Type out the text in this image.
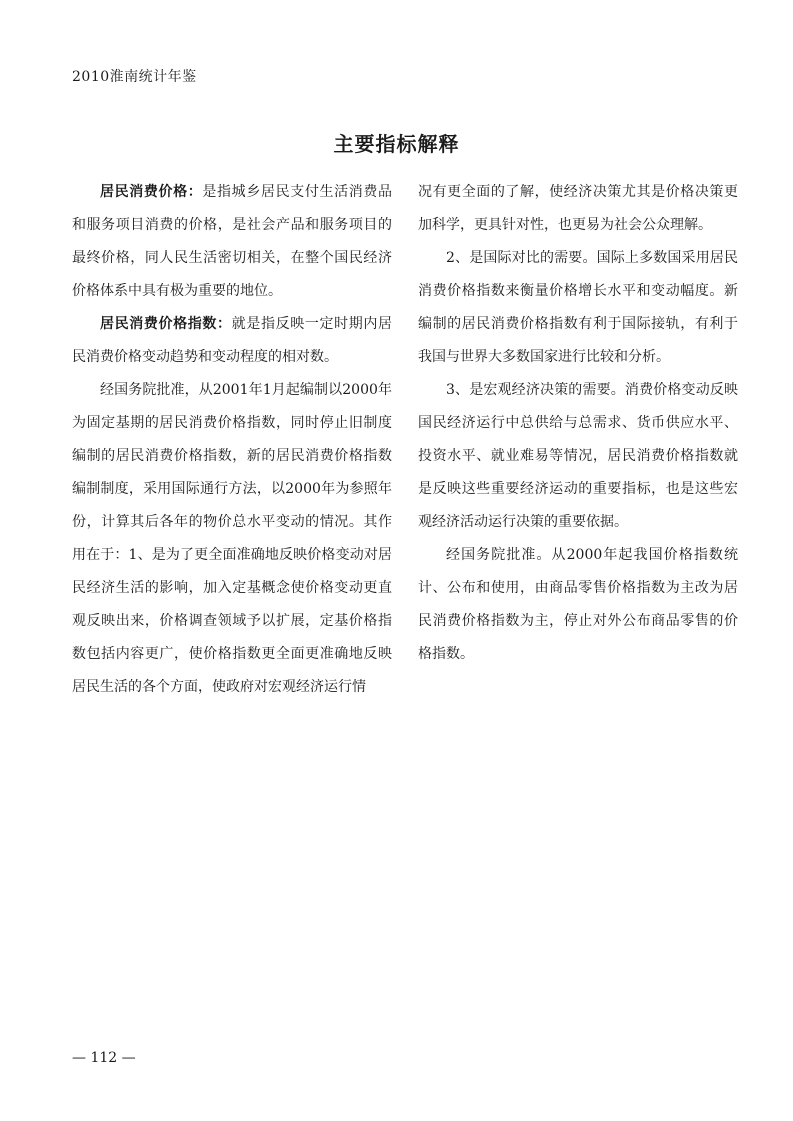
2010淮南统计年鉴
主要指标解释

居民消费价格：是指城乡居民支付生活消费品和服务项目消费的价格，是社会产品和服务项目的最终价格，同人民生活密切相关，在整个国民经济价格体系中具有极为重要的地位。

居民消费价格指数：就是指反映一定时期内居民消费价格变动趋势和变动程度的相对数。

经国务院批准，从2001年1月起编制以2000年为固定基期的居民消费价格指数，同时停止旧制度编制的居民消费价格指数，新的居民消费价格指数编制制度，采用国际通行方法，以2000年为参照年份，计算其后各年的物价总水平变动的情况。其作用在于：1、是为了更全面准确地反映价格变动对居民经济生活的影响，加入定基概念使价格变动更直观反映出来，价格调查领域予以扩展，定基价格指数包括内容更广，使价格指数更全面更准确地反映居民生活的各个方面，使政府对宏观经济运行情

况有更全面的了解，使经济决策尤其是价格决策更加科学，更具针对性，也更易为社会公众理解。

2、是国际对比的需要。国际上多数国采用居民消费价格指数来衡量价格增长水平和变动幅度。新编制的居民消费价格指数有利于国际接轨，有利于我国与世界大多数国家进行比较和分析。

3、是宏观经济决策的需要。消费价格变动反映国民经济运行中总供给与总需求、货币供应水平、投资水平、就业难易等情况，居民消费价格指数就是反映这些重要经济运动的重要指标，也是这些宏观经济活动运行决策的重要依据。

经国务院批准。从2000年起我国价格指数统计、公布和使用，由商品零售价格指数为主改为居民消费价格指数为主，停止对外公布商品零售的价格指数。

— 112 —
